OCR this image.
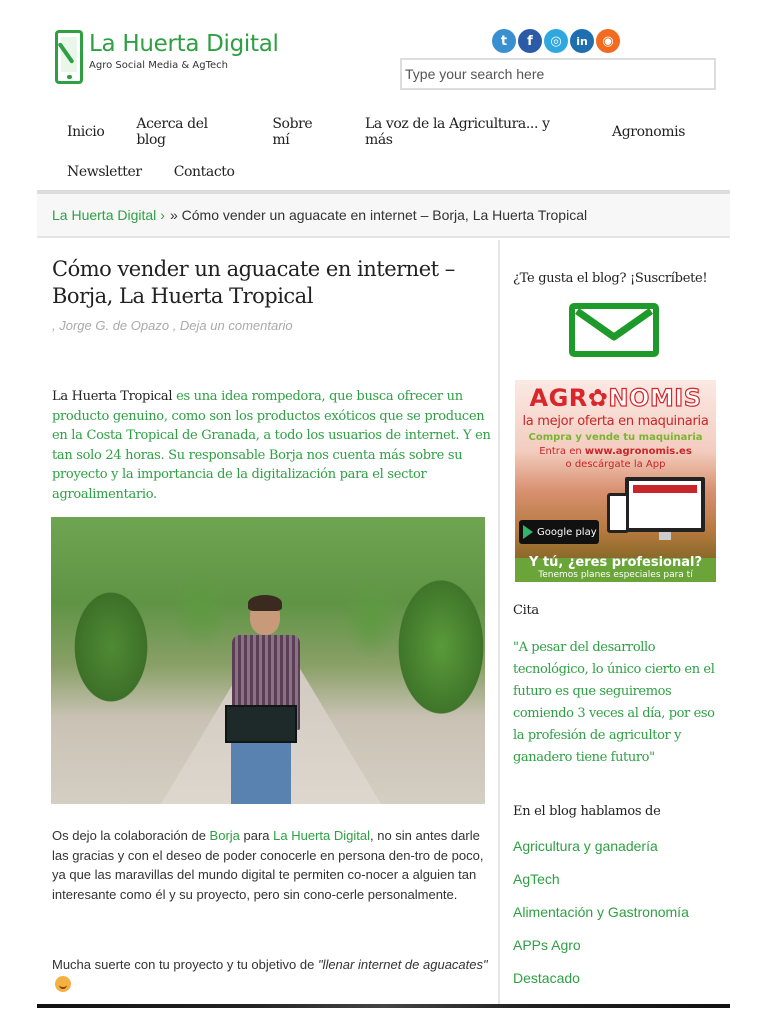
La Huerta Digital
Agro Social Media & AgTech
t	f	◎	in	◉
Type your search here
Inicio Acerca del blog
Sobre mí
La voz de la Agricultura... y más	Agronomis
Newsletter Contacto
La Huerta Digital › » Cómo vender un aguacate en internet – Borja, La Huerta Tropical
Cómo vender un aguacate en internet – Borja, La Huerta Tropical
, Jorge G. de Opazo , Deja un comentario

La Huerta Tropical es una idea rompedora, que busca ofrecer un producto genuino, como son los productos exóticos que se producen en la Costa Tropical de Granada, a todo los usuarios de internet. Y en tan solo 24 horas. Su responsable Borja nos cuenta más sobre su proyecto y la importancia de la digitalización para el sector agroalimentario.

Os dejo la colaboración de Borja para La Huerta Digital, no sin antes darle las gracias y con el deseo de poder conocerle en persona den-tro de poco, ya que las maravillas del mundo digital te permiten co-nocer a alguien tan interesante como él y su proyecto, pero sin cono-cerle personalmente.

Mucha suerte con tu proyecto y tu objetivo de "llenar internet de aguacates"

¿Te gusta el blog? ¡Suscríbete!
AGR✿NOMIS
la mejor oferta en maquinaria
Compra y vende tu maquinaria
Entra en www.agronomis.es
o descárgate la App
Google play
Y tú, ¿eres profesional?
Tenemos planes especiales para tí
Cita

"A pesar del desarrollo tecnológico, lo único cierto en el futuro es que seguiremos comiendo 3 veces al día, por eso la profesión de agricultor y ganadero tiene futuro"

En el blog hablamos de
Agricultura y ganadería
AgTech
Alimentación y Gastronomía
APPs Agro
Destacado
